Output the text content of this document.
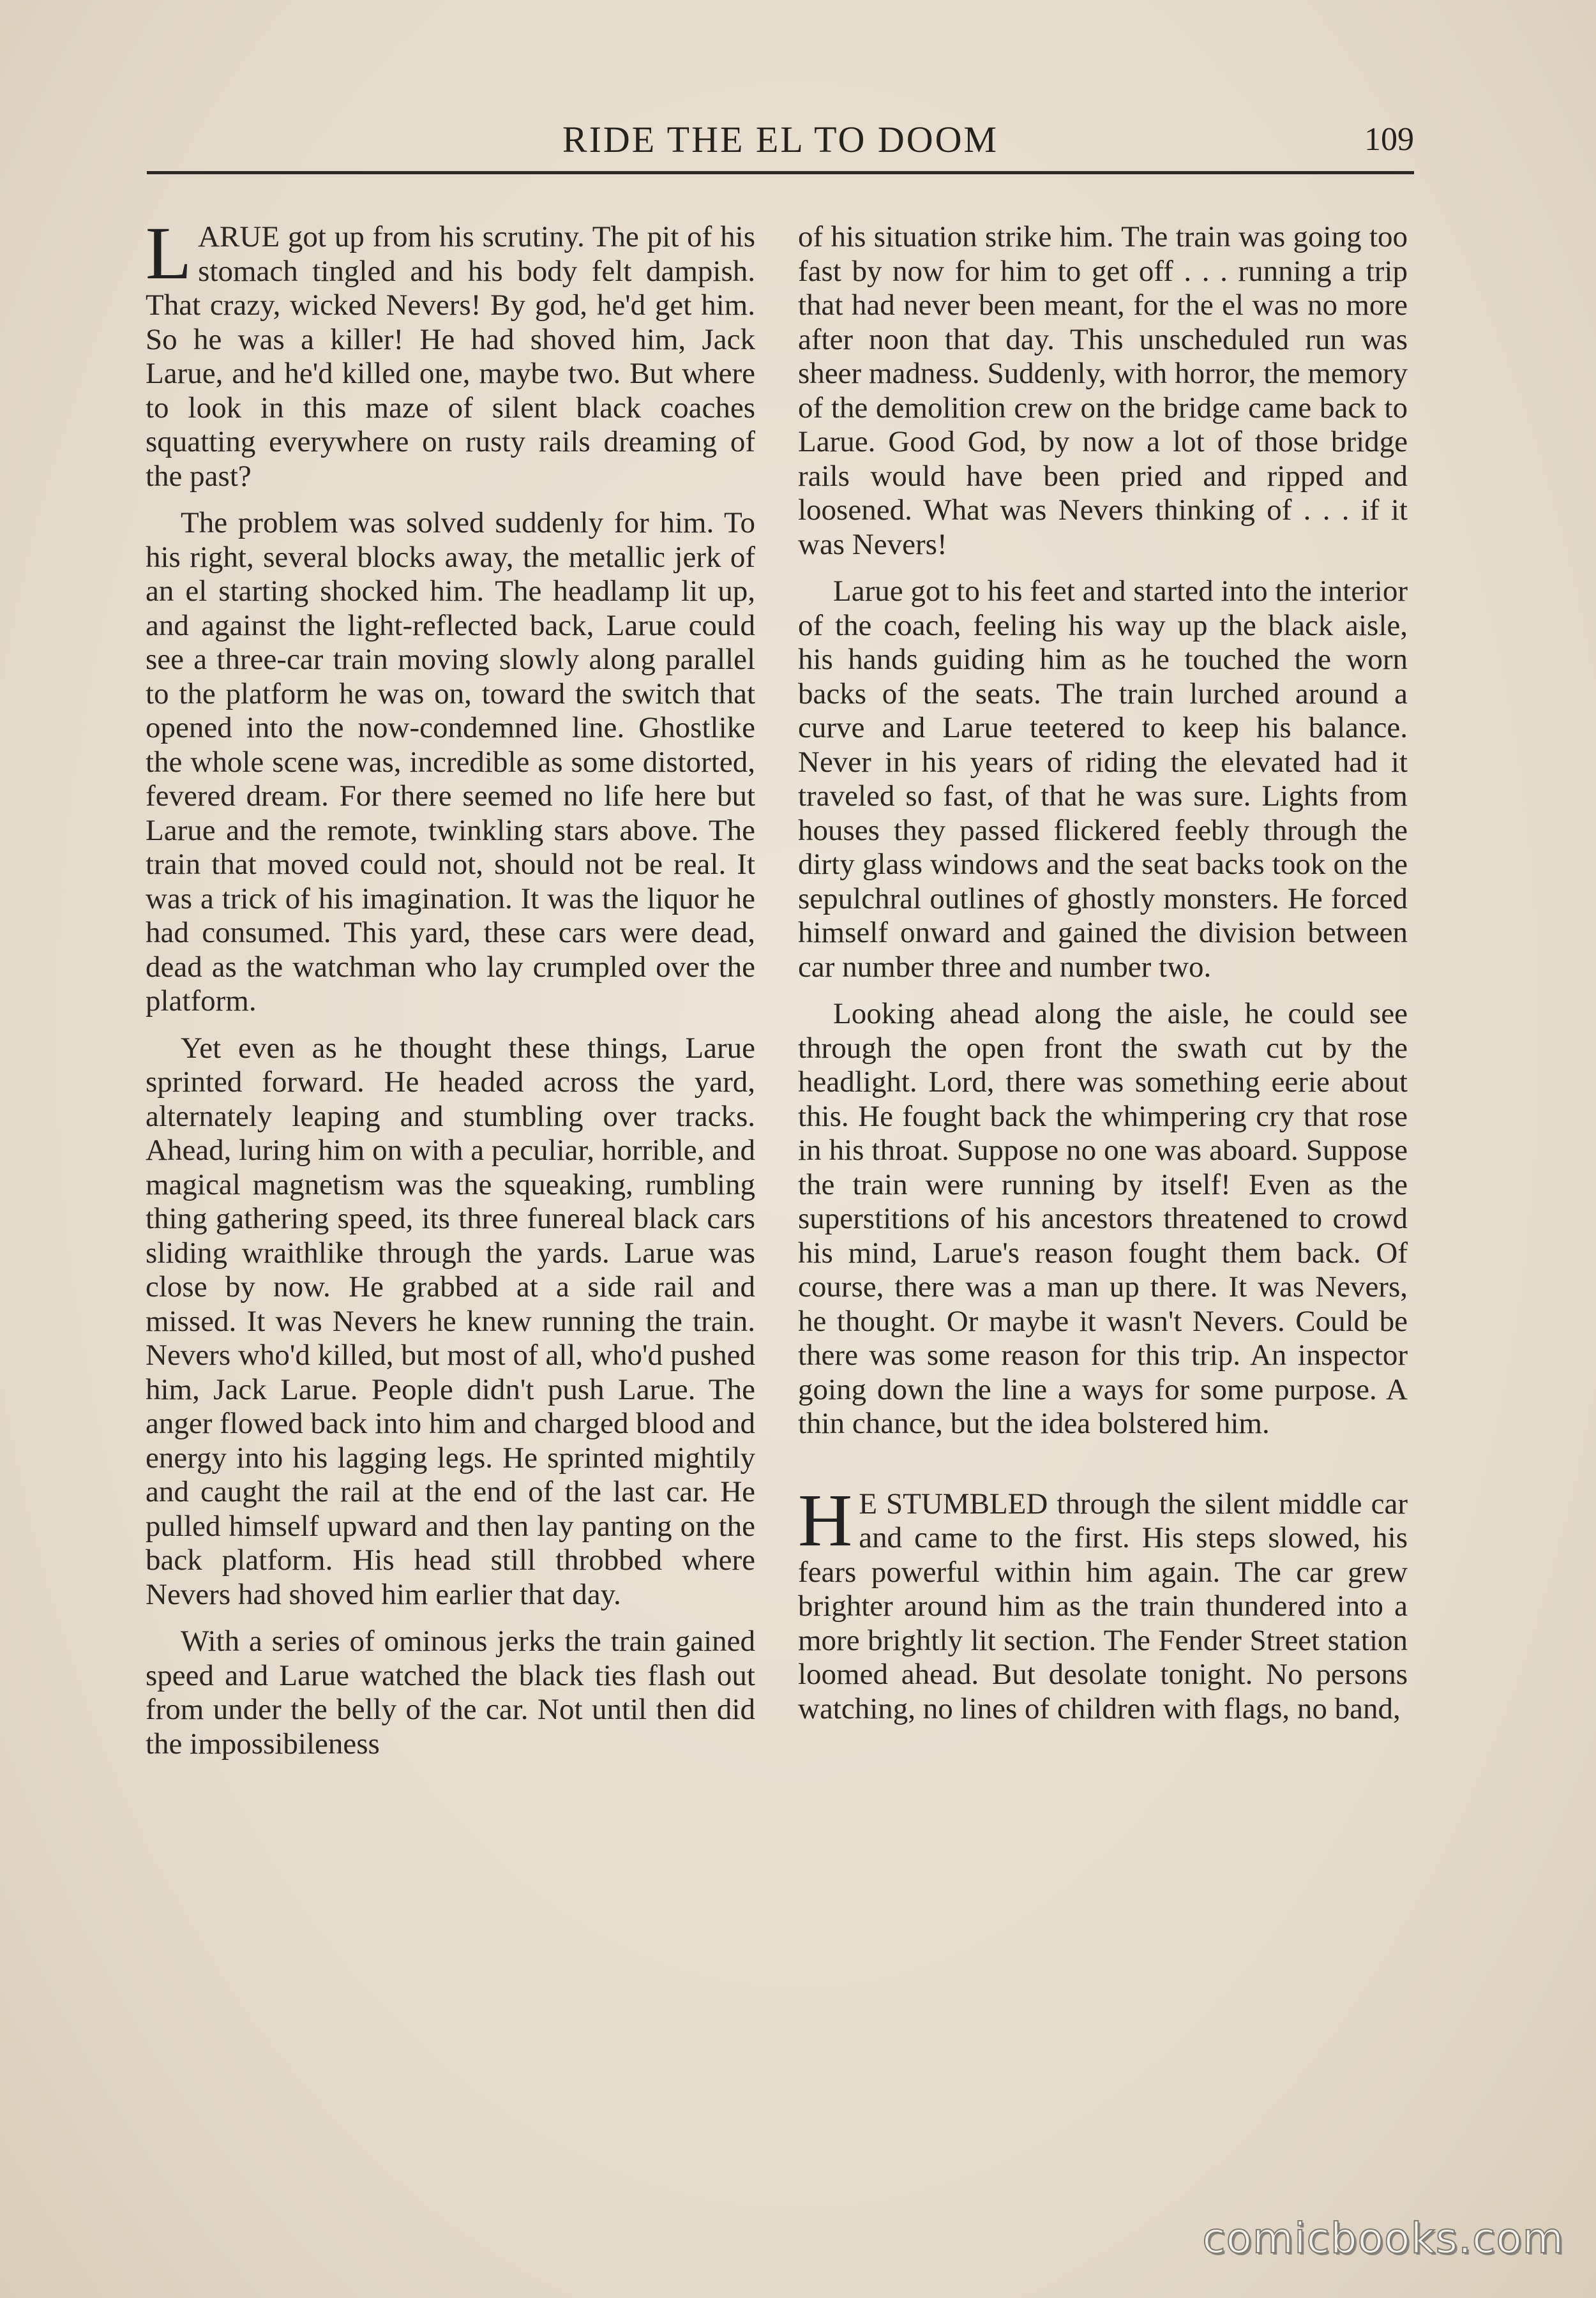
RIDE THE EL TO DOOM	109

LARUE got up from his scrutiny. The pit of his stomach tingled and his body felt dampish. That crazy, wicked Nevers! By god, he'd get him. So he was a killer! He had shoved him, Jack Larue, and he'd killed one, maybe two. But where to look in this maze of silent black coaches squatting everywhere on rusty rails dreaming of the past?

The problem was solved suddenly for him. To his right, several blocks away, the metallic jerk of an el starting shocked him. The headlamp lit up, and against the light-reflected back, Larue could see a three-car train moving slowly along parallel to the platform he was on, toward the switch that opened into the now-condemned line. Ghostlike the whole scene was, incredible as some distorted, fevered dream. For there seemed no life here but Larue and the remote, twinkling stars above. The train that moved could not, should not be real. It was a trick of his imagination. It was the liquor he had consumed. This yard, these cars were dead, dead as the watchman who lay crumpled over the platform.

Yet even as he thought these things, Larue sprinted forward. He headed across the yard, alternately leaping and stumbling over tracks. Ahead, luring him on with a peculiar, horrible, and magical magnetism was the squeaking, rumbling thing gathering speed, its three funereal black cars sliding wraithlike through the yards. Larue was close by now. He grabbed at a side rail and missed. It was Nevers he knew running the train. Nevers who'd killed, but most of all, who'd pushed him, Jack Larue. People didn't push Larue. The anger flowed back into him and charged blood and energy into his lagging legs. He sprinted mightily and caught the rail at the end of the last car. He pulled himself upward and then lay panting on the back platform. His head still throbbed where Nevers had shoved him earlier that day.

With a series of ominous jerks the train gained speed and Larue watched the black ties flash out from under the belly of the car. Not until then did the impossibileness

of his situation strike him. The train was going too fast by now for him to get off . . . running a trip that had never been meant, for the el was no more after noon that day. This unscheduled run was sheer madness. Suddenly, with horror, the memory of the demolition crew on the bridge came back to Larue. Good God, by now a lot of those bridge rails would have been pried and ripped and loosened. What was Nevers thinking of . . . if it was Nevers!

Larue got to his feet and started into the interior of the coach, feeling his way up the black aisle, his hands guiding him as he touched the worn backs of the seats. The train lurched around a curve and Larue teetered to keep his balance. Never in his years of riding the elevated had it traveled so fast, of that he was sure. Lights from houses they passed flickered feebly through the dirty glass windows and the seat backs took on the sepulchral outlines of ghostly monsters. He forced himself onward and gained the division between car number three and number two.

Looking ahead along the aisle, he could see through the open front the swath cut by the headlight. Lord, there was something eerie about this. He fought back the whimpering cry that rose in his throat. Suppose no one was aboard. Suppose the train were running by itself! Even as the superstitions of his ancestors threatened to crowd his mind, Larue's reason fought them back. Of course, there was a man up there. It was Nevers, he thought. Or maybe it wasn't Nevers. Could be there was some reason for this trip. An inspector going down the line a ways for some purpose. A thin chance, but the idea bolstered him.

H E STUMBLED through the silent middle car and came to the first. His steps slowed, his fears powerful within him again. The car grew brighter around him as the train thundered into a more brightly lit section. The Fender Street station loomed ahead. But desolate tonight. No persons watching, no lines of children with flags, no band,

comicbooks.com
